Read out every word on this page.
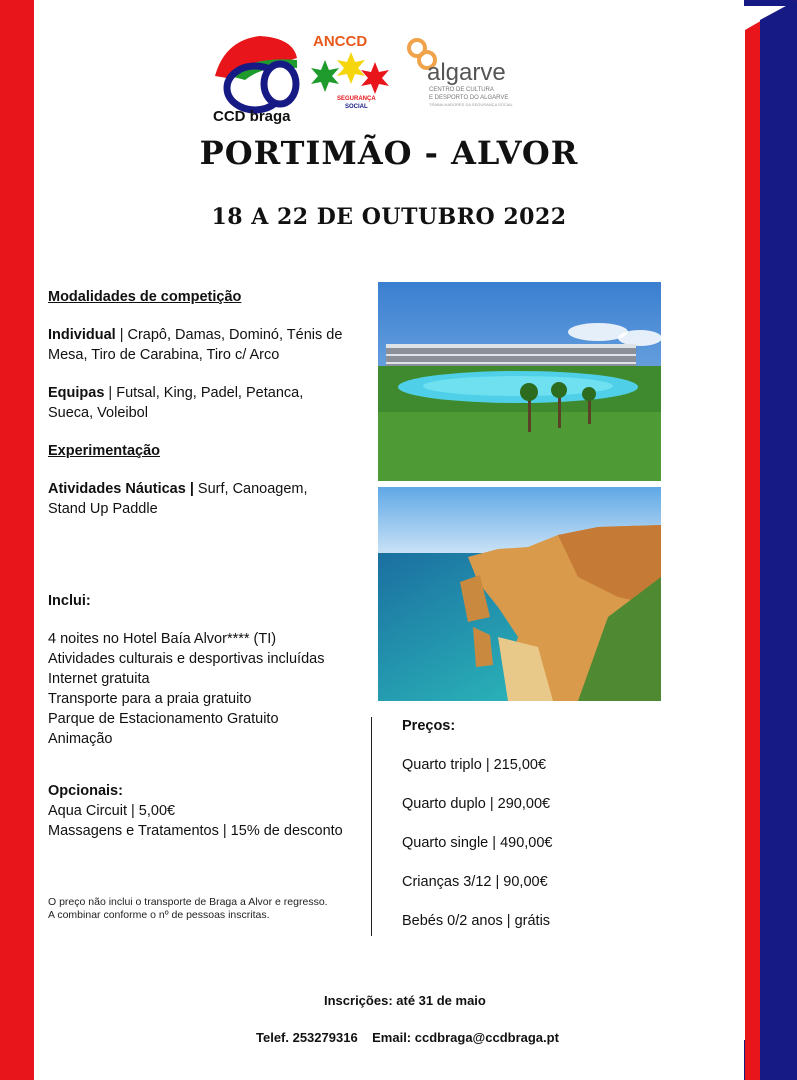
CCD braga
ANCCD
SEGURANÇA
SOCIAL
algarve
CENTRO DE CULTURA
E DESPORTO DO ALGARVE
TRABALHADORES DA SEGURANÇA SOCIAL
PORTIMÃO - ALVOR
18 A 22 DE OUTUBRO 2022
Modalidades de competição
Individual | Crapô, Damas, Dominó, Ténis de Mesa, Tiro de Carabina, Tiro c/ Arco
Equipas | Futsal, King, Padel, Petanca, Sueca, Voleibol
Experimentação
Atividades Náuticas | Surf, Canoagem, Stand Up Paddle
Inclui:
4 noites no Hotel Baía Alvor**** (TI)
Atividades culturais e desportivas incluídas
Internet gratuita
Transporte para a praia gratuito
Parque de Estacionamento Gratuito
Animação
Opcionais:
Aqua Circuit | 5,00€
Massagens e Tratamentos | 15% de desconto
Preços:
Quarto triplo | 215,00€
Quarto duplo | 290,00€
Quarto single | 490,00€
Crianças 3/12 | 90,00€
Bebés 0/2 anos | grátis
O preço não inclui o transporte de Braga a Alvor e regresso.
A combinar conforme o nº de pessoas inscritas.
Inscrições: até 31 de maio
Telef. 253279316 Email: ccdbraga@ccdbraga.pt
